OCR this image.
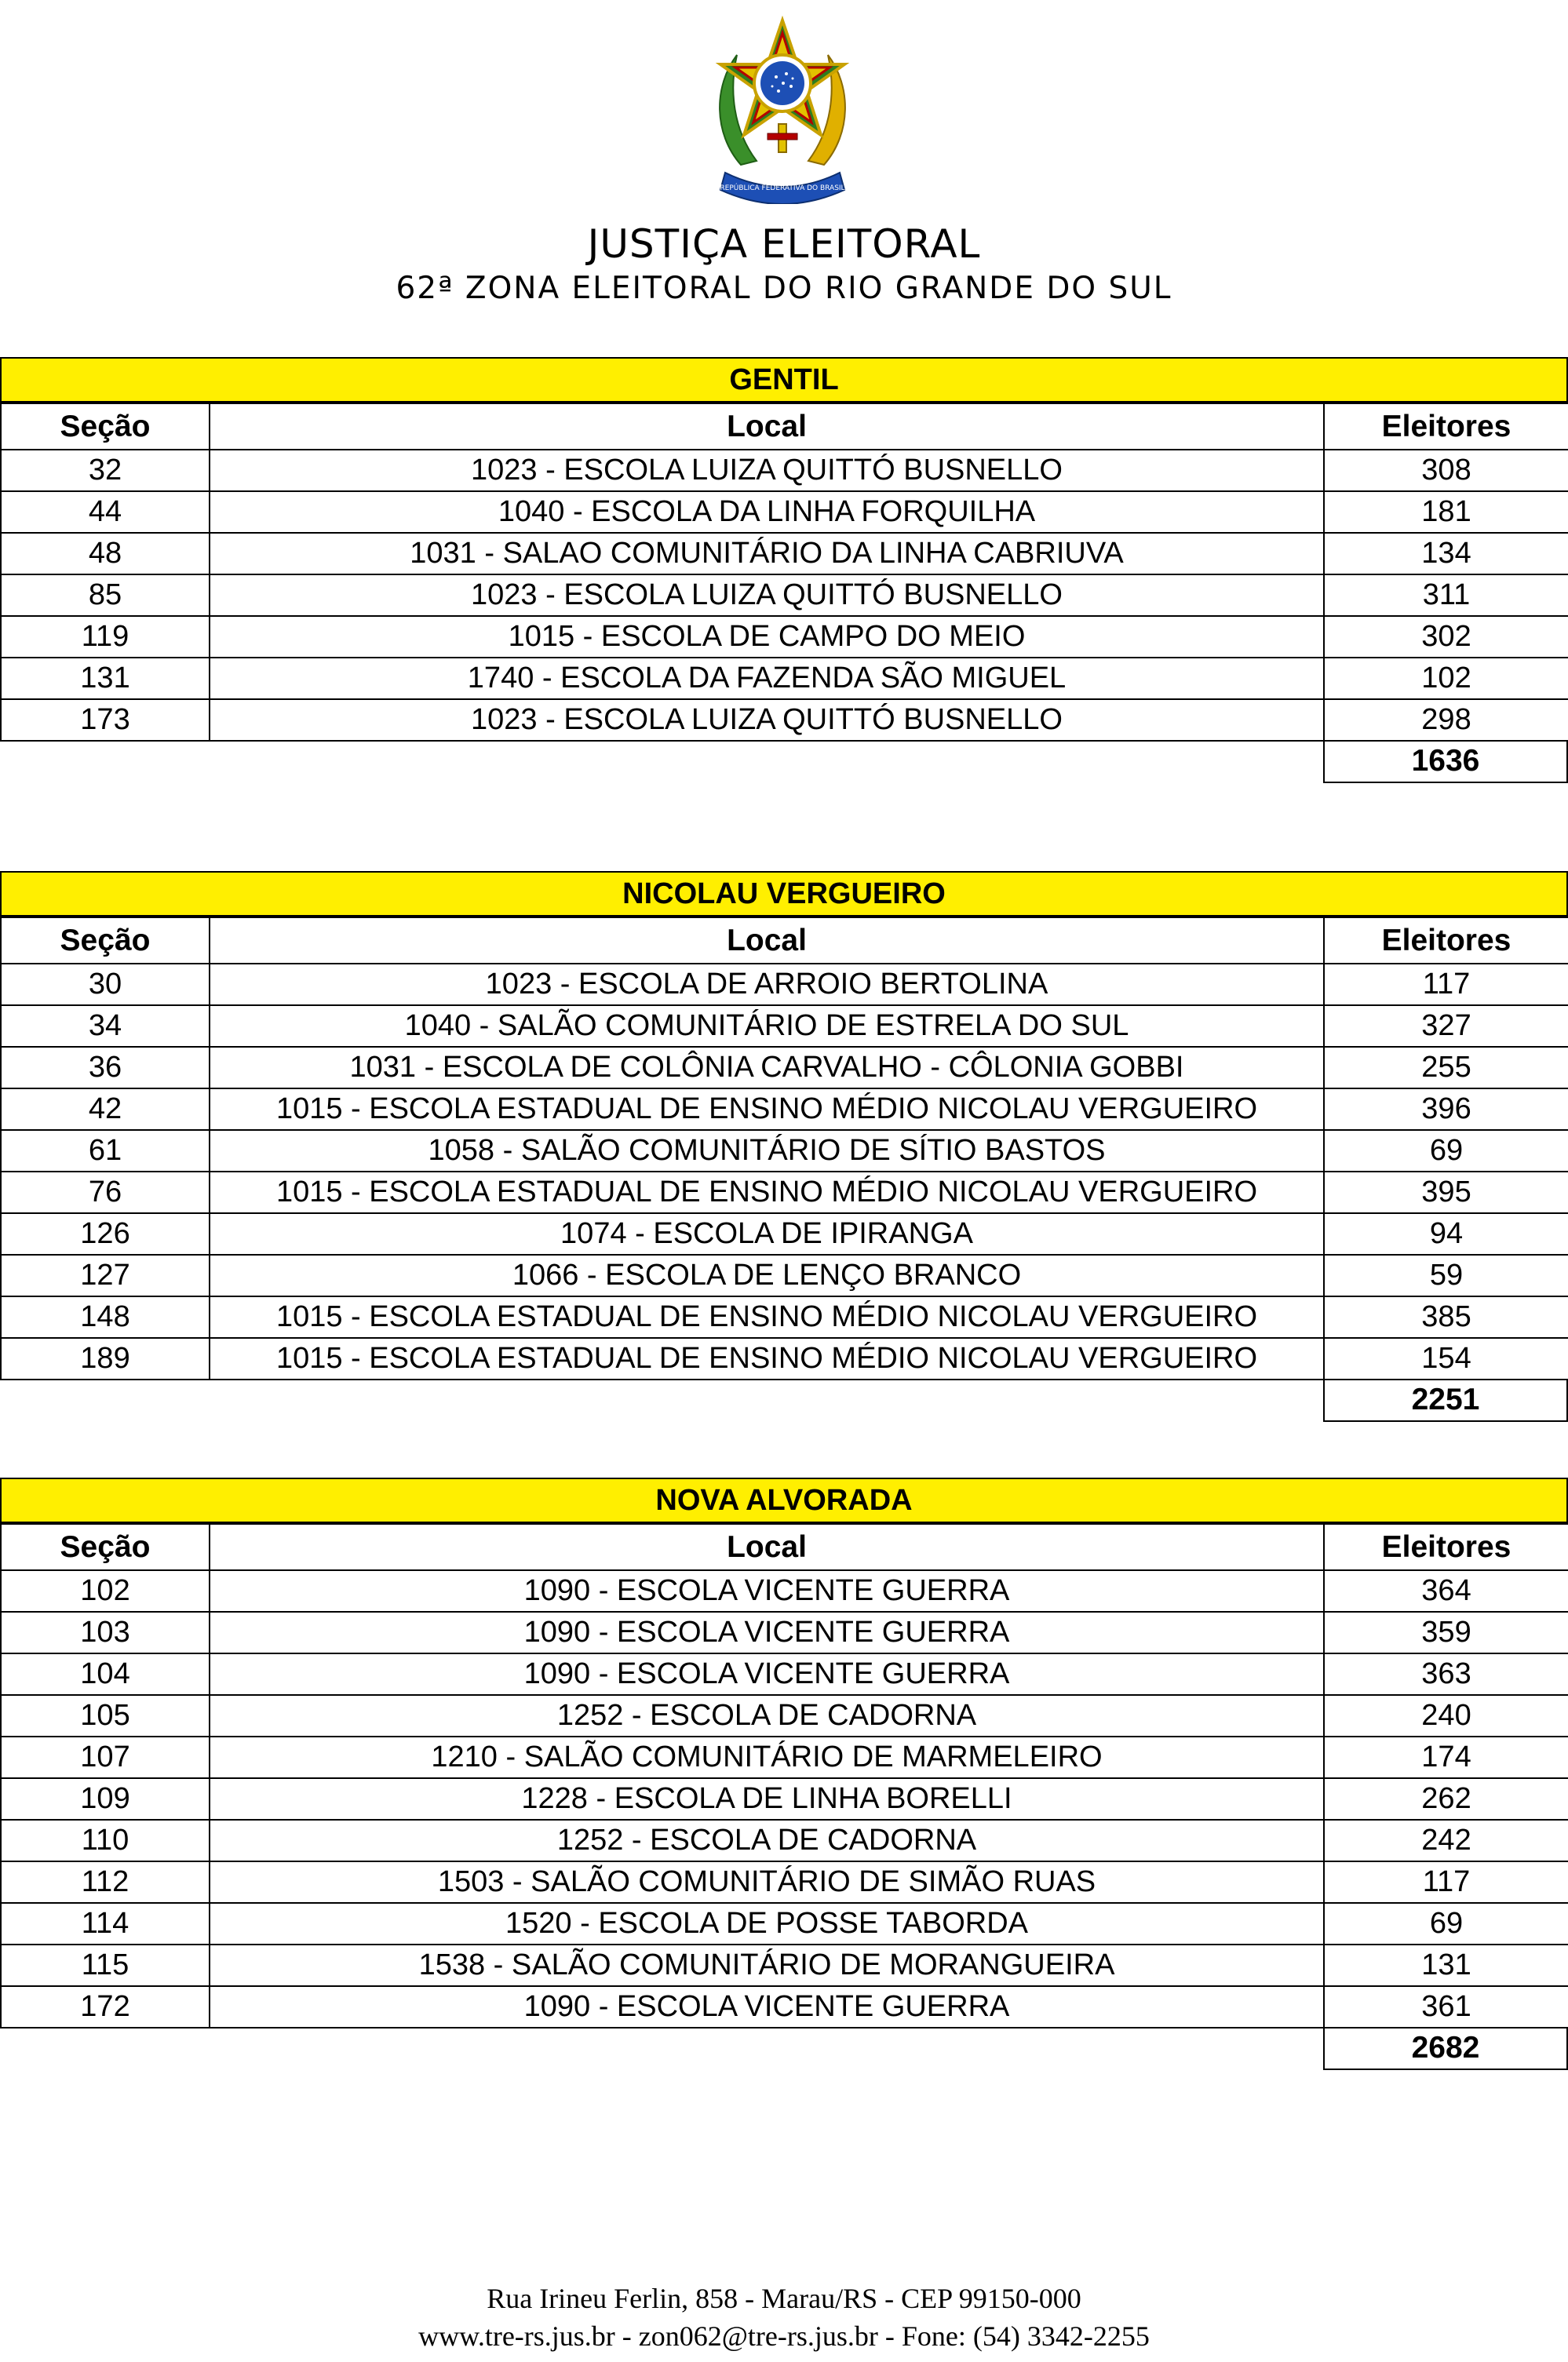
REPÚBLICA FEDERATIVA DO BRASIL
JUSTIÇA ELEITORAL
62ª ZONA ELEITORAL DO RIO GRANDE DO SUL
GENTIL
Seção	Local	Eleitores
32	1023 - ESCOLA LUIZA QUITTÓ BUSNELLO	308
44	1040 - ESCOLA DA LINHA FORQUILHA	181
48	1031 - SALAO COMUNITÁRIO DA LINHA CABRIUVA	134
85	1023 - ESCOLA LUIZA QUITTÓ BUSNELLO	311
119	1015 - ESCOLA DE CAMPO DO MEIO	302
131	1740 - ESCOLA DA FAZENDA SÃO MIGUEL	102
173	1023 - ESCOLA LUIZA QUITTÓ BUSNELLO	298
1636
NICOLAU VERGUEIRO
Seção	Local	Eleitores
30	1023 - ESCOLA DE ARROIO BERTOLINA	117
34	1040 - SALÃO COMUNITÁRIO DE ESTRELA DO SUL	327
36	1031 - ESCOLA DE COLÔNIA CARVALHO - CÔLONIA GOBBI	255
42	1015 - ESCOLA ESTADUAL DE ENSINO MÉDIO NICOLAU VERGUEIRO	396
61	1058 - SALÃO COMUNITÁRIO DE SÍTIO BASTOS	69
76	1015 - ESCOLA ESTADUAL DE ENSINO MÉDIO NICOLAU VERGUEIRO	395
126	1074 - ESCOLA DE IPIRANGA	94
127	1066 - ESCOLA DE LENÇO BRANCO	59
148	1015 - ESCOLA ESTADUAL DE ENSINO MÉDIO NICOLAU VERGUEIRO	385
189	1015 - ESCOLA ESTADUAL DE ENSINO MÉDIO NICOLAU VERGUEIRO	154
2251
NOVA ALVORADA
Seção	Local	Eleitores
102	1090 - ESCOLA VICENTE GUERRA	364
103	1090 - ESCOLA VICENTE GUERRA	359
104	1090 - ESCOLA VICENTE GUERRA	363
105	1252 - ESCOLA DE CADORNA	240
107	1210 - SALÃO COMUNITÁRIO DE MARMELEIRO	174
109	1228 - ESCOLA DE LINHA BORELLI	262
110	1252 - ESCOLA DE CADORNA	242
112	1503 - SALÃO COMUNITÁRIO DE SIMÃO RUAS	117
114	1520 - ESCOLA DE POSSE TABORDA	69
115	1538 - SALÃO COMUNITÁRIO DE MORANGUEIRA	131
172	1090 - ESCOLA VICENTE GUERRA	361
2682
Rua Irineu Ferlin, 858 - Marau/RS - CEP 99150-000
www.tre-rs.jus.br - zon062@tre-rs.jus.br - Fone: (54) 3342-2255
